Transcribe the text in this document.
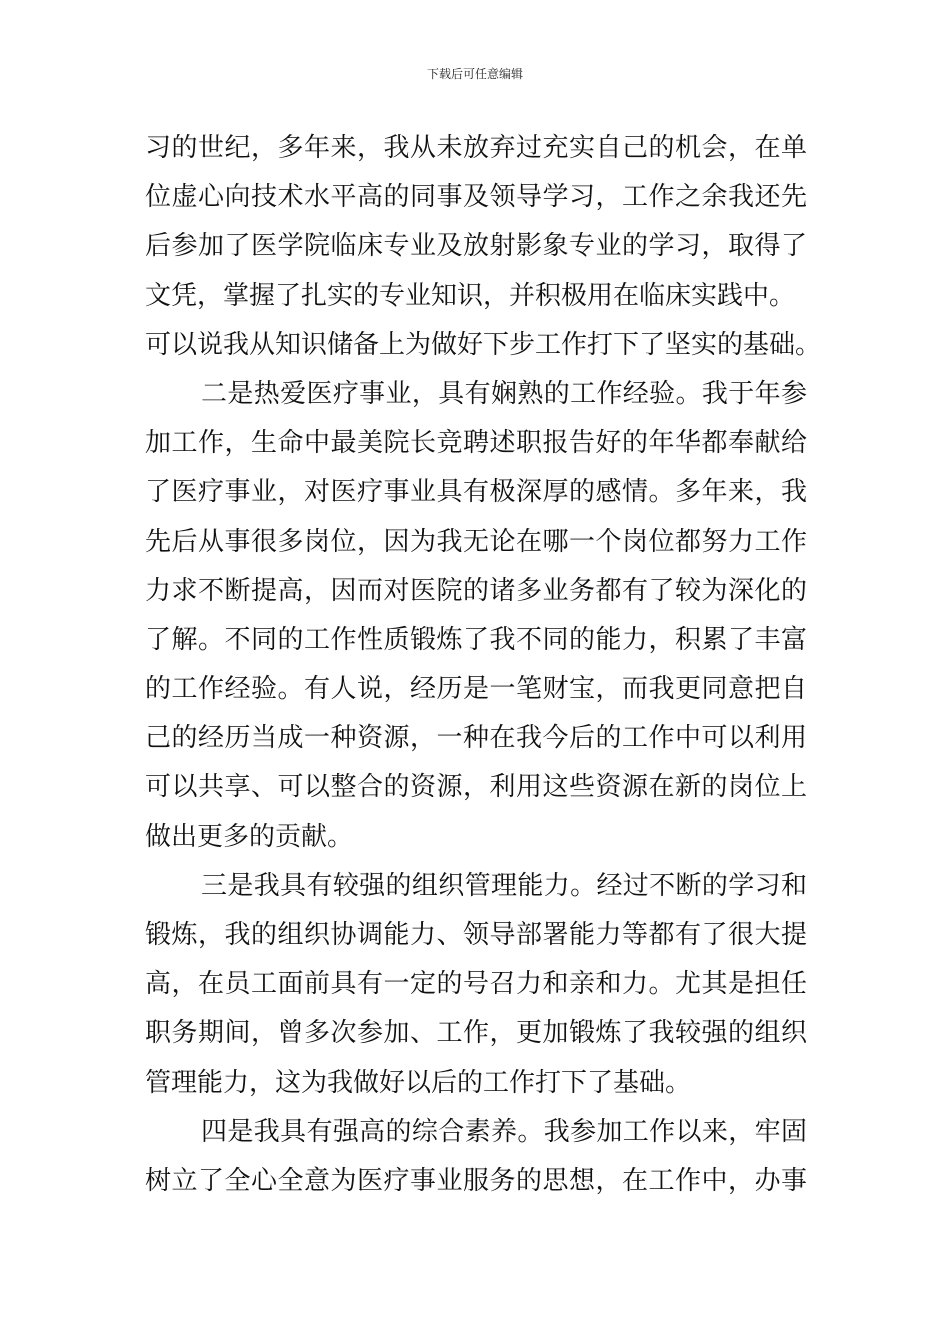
下载后可任意编辑
习的世纪，多年来，我从未放弃过充实自己的机会，在单
位虚心向技术水平高的同事及领导学习，工作之余我还先
后参加了医学院临床专业及放射影象专业的学习，取得了
文凭，掌握了扎实的专业知识，并积极用在临床实践中。
可以说我从知识储备上为做好下步工作打下了坚实的基础。
二是热爱医疗事业，具有娴熟的工作经验。我于年参
加工作，生命中最美院长竞聘述职报告好的年华都奉献给
了医疗事业，对医疗事业具有极深厚的感情。多年来，我
先后从事很多岗位，因为我无论在哪一个岗位都努力工作
力求不断提高，因而对医院的诸多业务都有了较为深化的
了解。不同的工作性质锻炼了我不同的能力，积累了丰富
的工作经验。有人说，经历是一笔财宝，而我更同意把自
己的经历当成一种资源，一种在我今后的工作中可以利用
可以共享、可以整合的资源，利用这些资源在新的岗位上
做出更多的贡献。
三是我具有较强的组织管理能力。经过不断的学习和
锻炼，我的组织协调能力、领导部署能力等都有了很大提
高，在员工面前具有一定的号召力和亲和力。尤其是担任
职务期间，曾多次参加、工作，更加锻炼了我较强的组织
管理能力，这为我做好以后的工作打下了基础。
四是我具有强高的综合素养。我参加工作以来，牢固
树立了全心全意为医疗事业服务的思想，在工作中，办事
